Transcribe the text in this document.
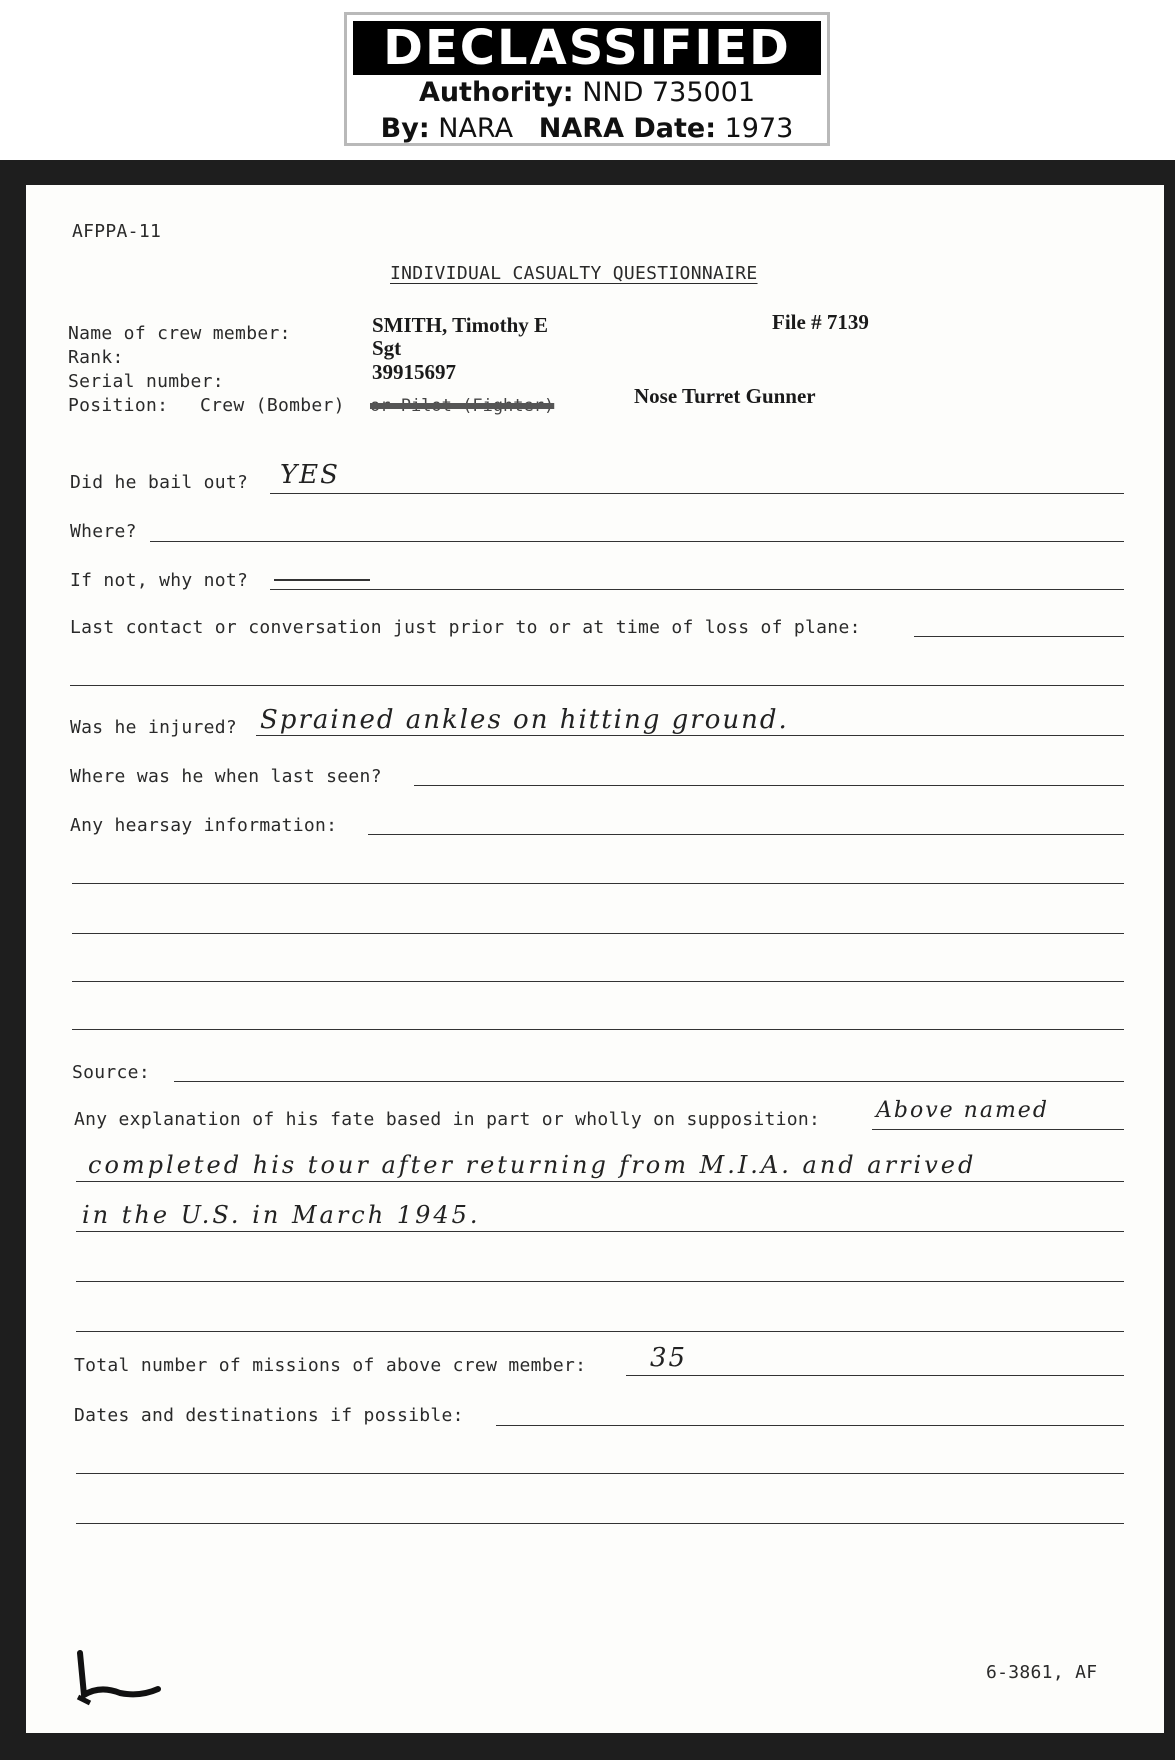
DECLASSIFIED
Authority: NND 735001
By: NARA NARA Date: 1973
AFPPA-11
INDIVIDUAL CASUALTY QUESTIONNAIRE
Name of crew member:	SMITH, Timothy E	File # 7139
Rank:	Sgt
Serial number:	39915697
Position: Crew (Bomber) or Pilot (Fighter)	Nose Turret Gunner
Did he bail out? YES
Where?
If not, why not?
Last contact or conversation just prior to or at time of loss of plane:
Was he injured? Sprained ankles on hitting ground.
Where was he when last seen?
Any hearsay information:
Source:
Any explanation of his fate based in part or wholly on supposition:	Above named
completed his tour after returning from M.I.A. and arrived
in the U.S. in March 1945.
Total number of missions of above crew member: 35
Dates and destinations if possible:
6-3861, AF
